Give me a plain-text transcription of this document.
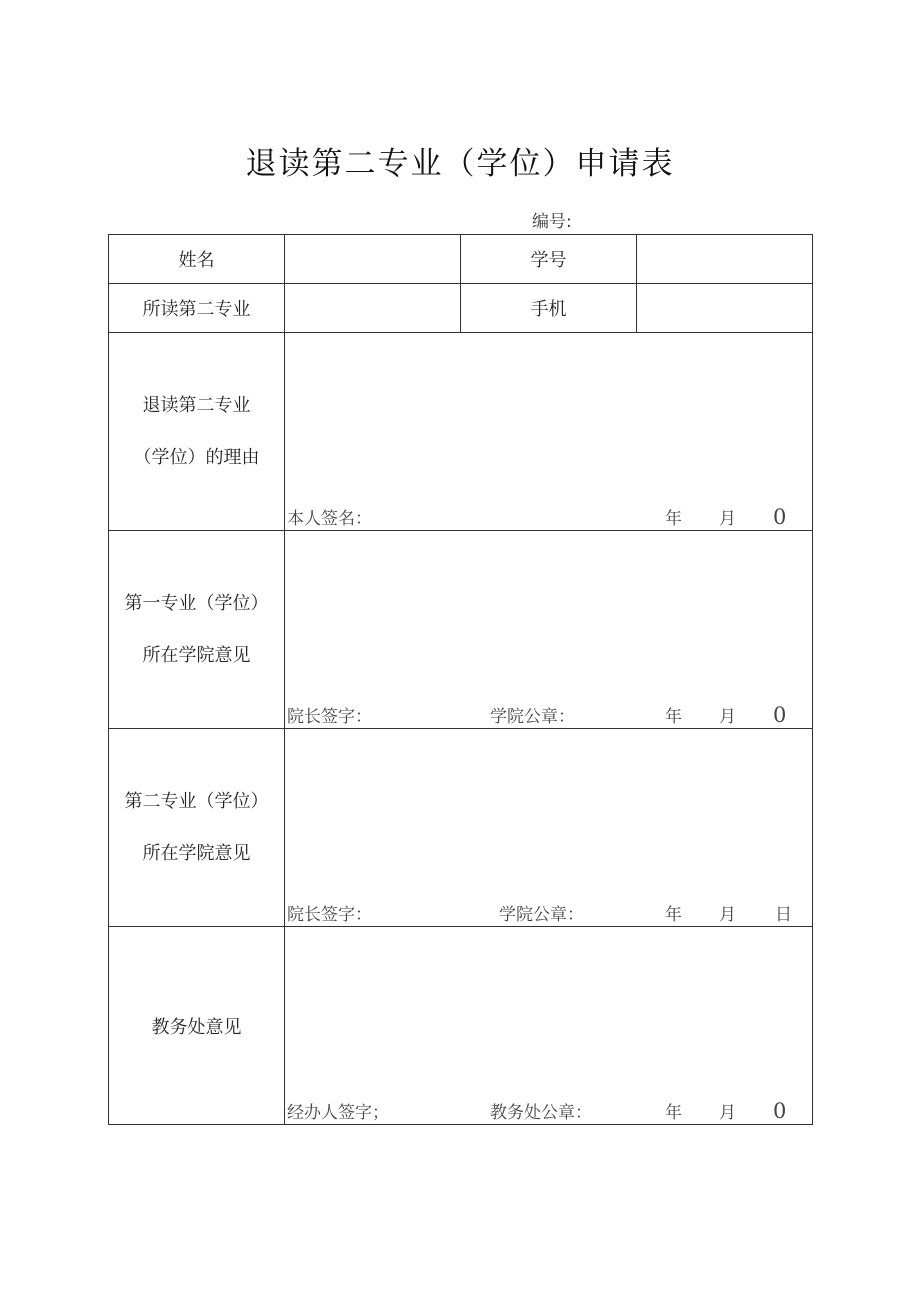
退读第二专业（学位）申请表
编号:
姓名		学号	
所读第二专业		手机	

退读第二专业
（学位）的理由	本人签名： 年 月 0		

第一专业（学位）
所在学院意见	院长签字： 学院公章： 年 月 0		

第二专业（学位）
所在学院意见	院长签字： 学院公章： 年 月 日		

教务处意见	经办人签字； 教务处公章： 年 月 0		
